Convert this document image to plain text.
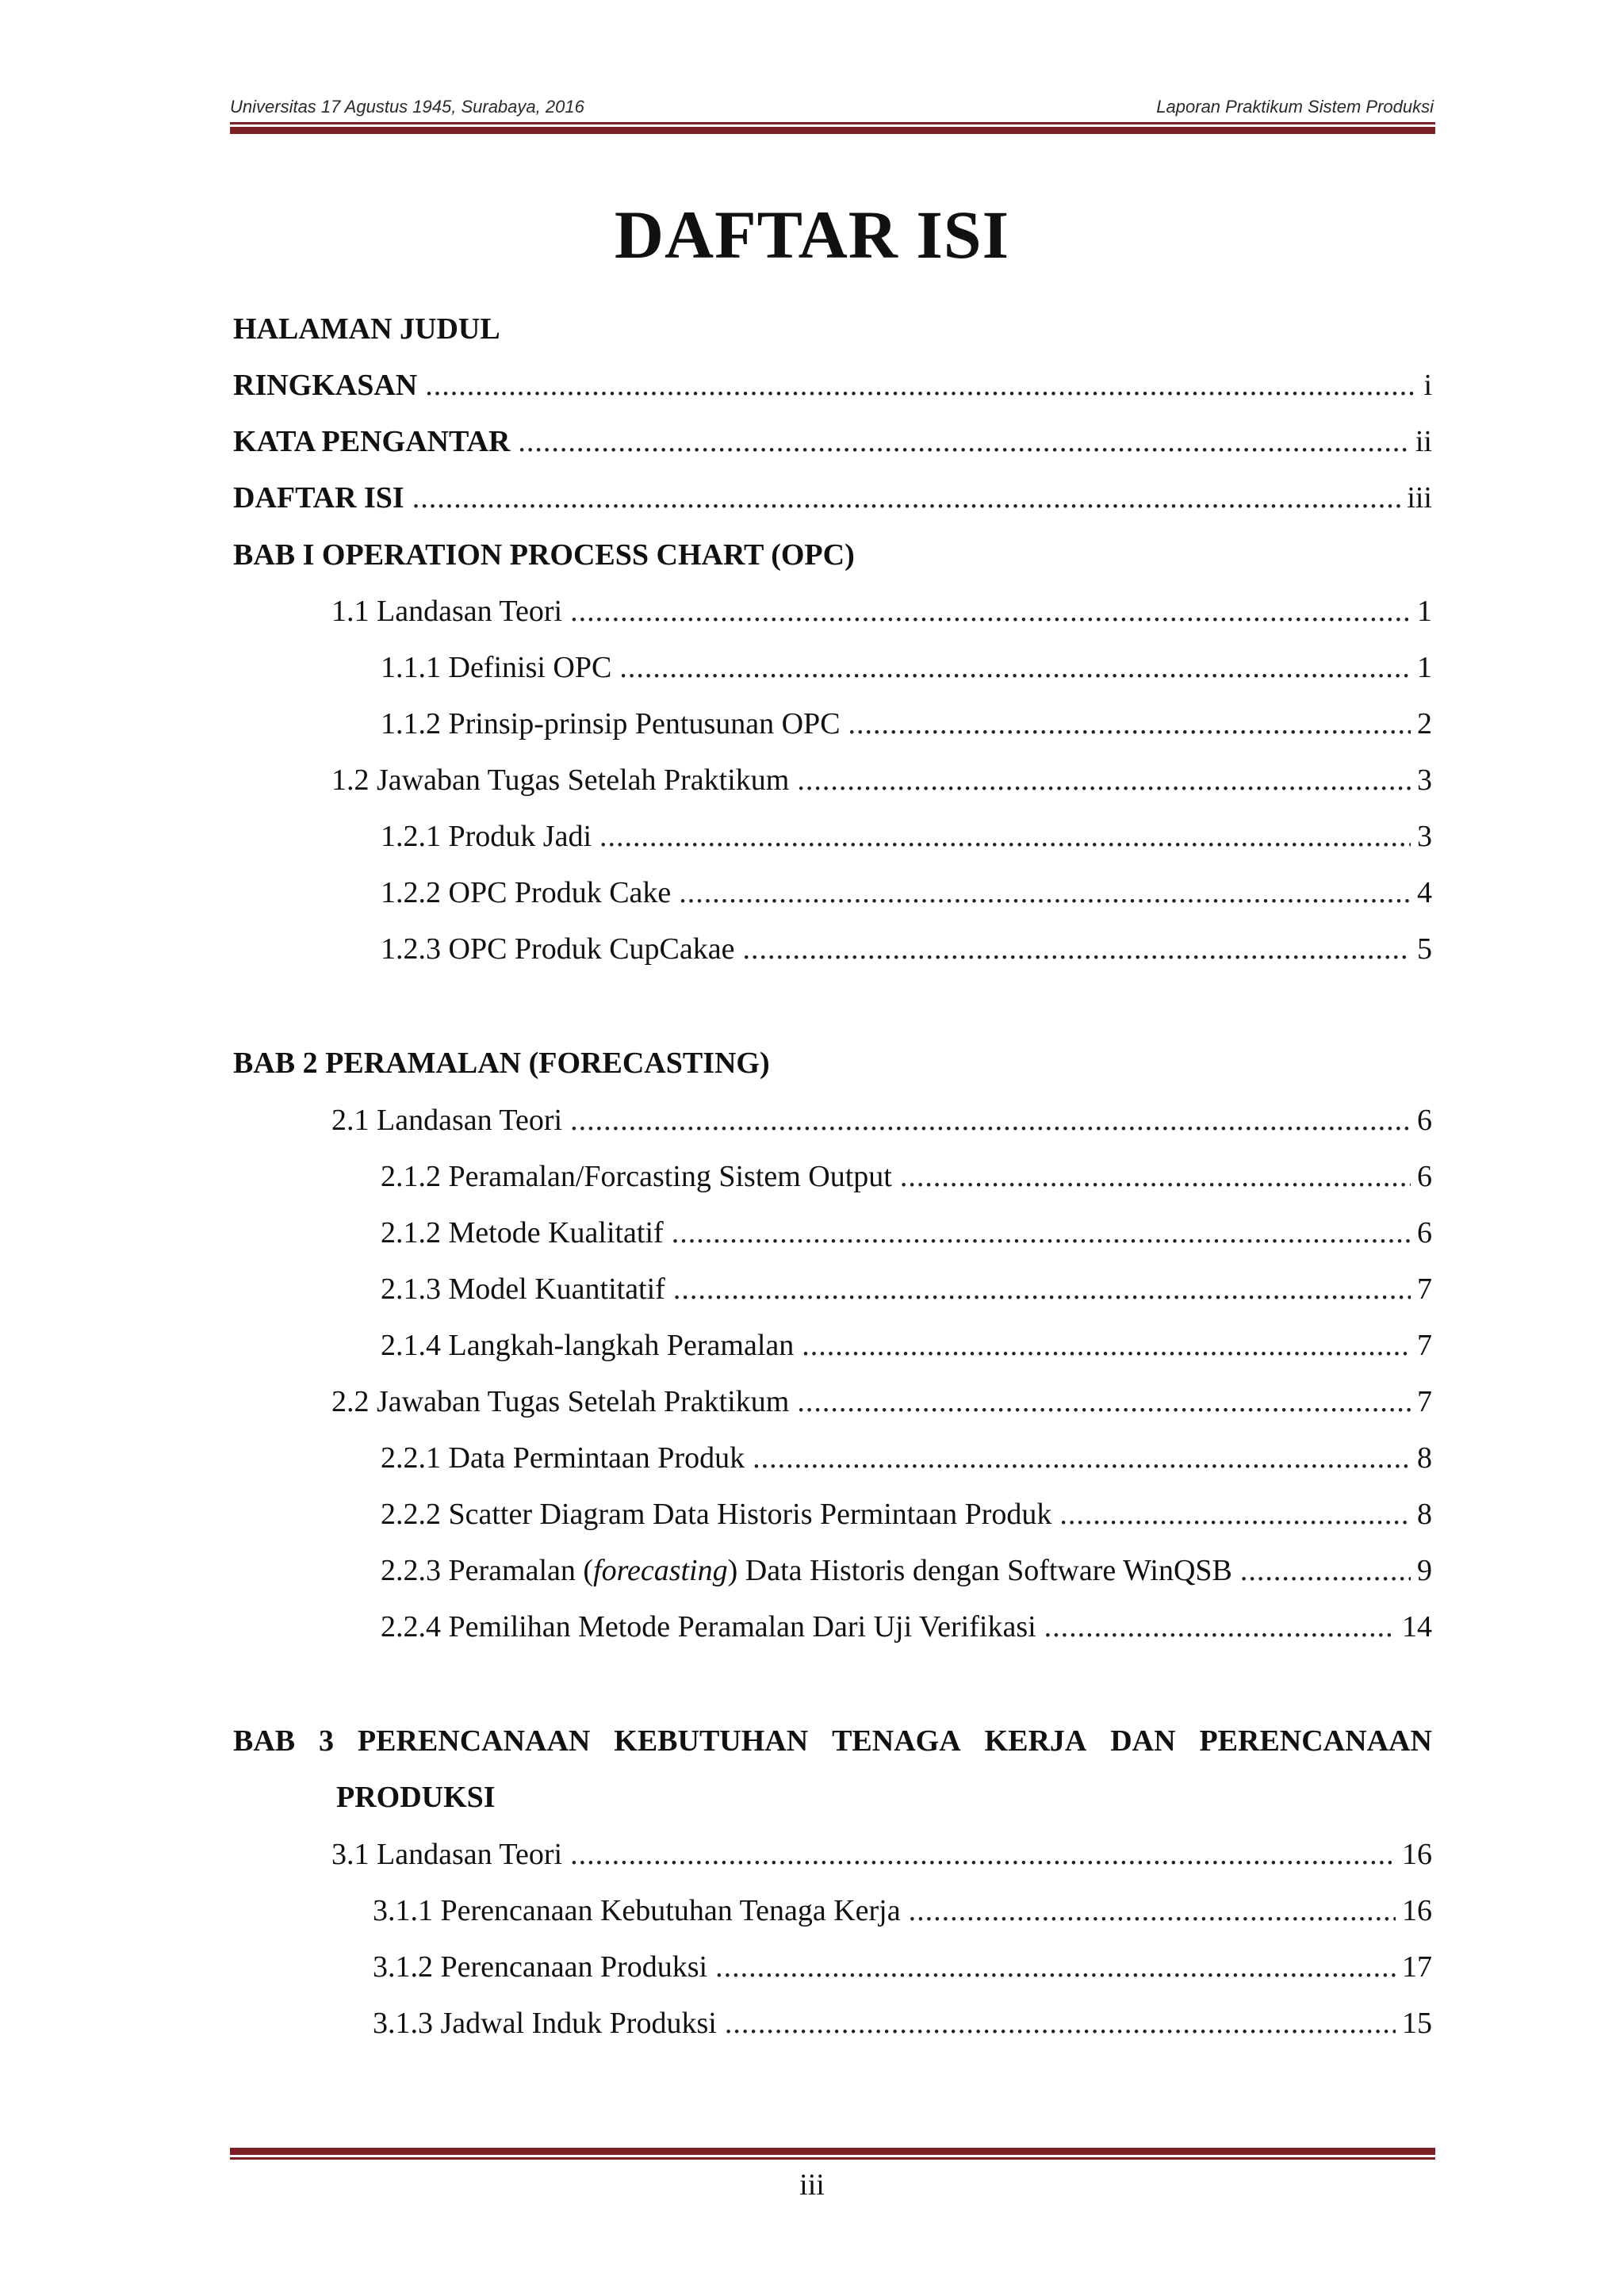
Universitas 17 Agustus 1945, Surabaya, 2016	Laporan Praktikum Sistem Produksi
DAFTAR ISI
HALAMAN JUDUL
RINGKASAN .....	i
KATA PENGANTAR .....	ii
DAFTAR ISI .....	iii
BAB I OPERATION PROCESS CHART (OPC)
1.1 Landasan Teori .....	1
1.1.1 Definisi OPC .....	1
1.1.2 Prinsip-prinsip Pentusunan OPC .....	2
1.2 Jawaban Tugas Setelah Praktikum .....	3
1.2.1 Produk Jadi .....	3
1.2.2 OPC Produk Cake .....	4
1.2.3 OPC Produk CupCakae .....	5
BAB 2 PERAMALAN (FORECASTING)
2.1 Landasan Teori .....	6
2.1.2 Peramalan/Forcasting Sistem Output .....	6
2.1.2 Metode Kualitatif .....	6
2.1.3 Model Kuantitatif .....	7
2.1.4 Langkah-langkah Peramalan .....	7
2.2 Jawaban Tugas Setelah Praktikum .....	7
2.2.1 Data Permintaan Produk .....	8
2.2.2 Scatter Diagram Data Historis Permintaan Produk .....	8
2.2.3 Peramalan (forecasting) Data Historis dengan Software WinQSB .....	9
2.2.4 Pemilihan Metode Peramalan Dari Uji Verifikasi .....	14
BAB 3 PERENCANAAN KEBUTUHAN TENAGA KERJA DAN PERENCANAAN
PRODUKSI
3.1 Landasan Teori .....	16
3.1.1 Perencanaan Kebutuhan Tenaga Kerja .....	16
3.1.2 Perencanaan Produksi .....	17
3.1.3 Jadwal Induk Produksi .....	15
iii
